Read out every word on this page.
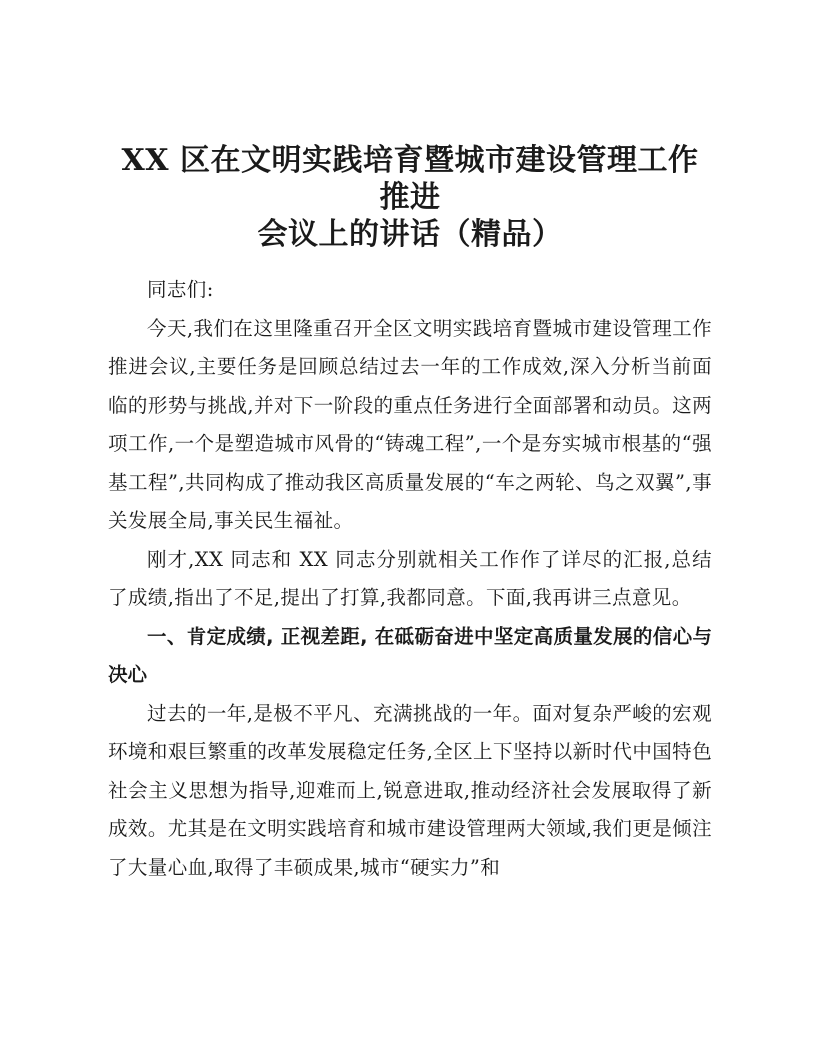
XX 区在文明实践培育暨城市建设管理工作推进
会议上的讲话（精品）

同志们:

今天,我们在这里隆重召开全区文明实践培育暨城市建设管理工作推进会议,主要任务是回顾总结过去一年的工作成效,深入分析当前面临的形势与挑战,并对下一阶段的重点任务进行全面部署和动员。这两项工作,一个是塑造城市风骨的“铸魂工程”,一个是夯实城市根基的“强基工程”,共同构成了推动我区高质量发展的“车之两轮、鸟之双翼”,事关发展全局,事关民生福祉。

刚才,XX 同志和 XX 同志分别就相关工作作了详尽的汇报,总结了成绩,指出了不足,提出了打算,我都同意。下面,我再讲三点意见。

一、肯定成绩, 正视差距, 在砥砺奋进中坚定高质量发展的信心与决心

过去的一年,是极不平凡、充满挑战的一年。面对复杂严峻的宏观环境和艰巨繁重的改革发展稳定任务,全区上下坚持以新时代中国特色社会主义思想为指导,迎难而上,锐意进取,推动经济社会发展取得了新成效。尤其是在文明实践培育和城市建设管理两大领域,我们更是倾注了大量心血,取得了丰硕成果,城市“硬实力”和
